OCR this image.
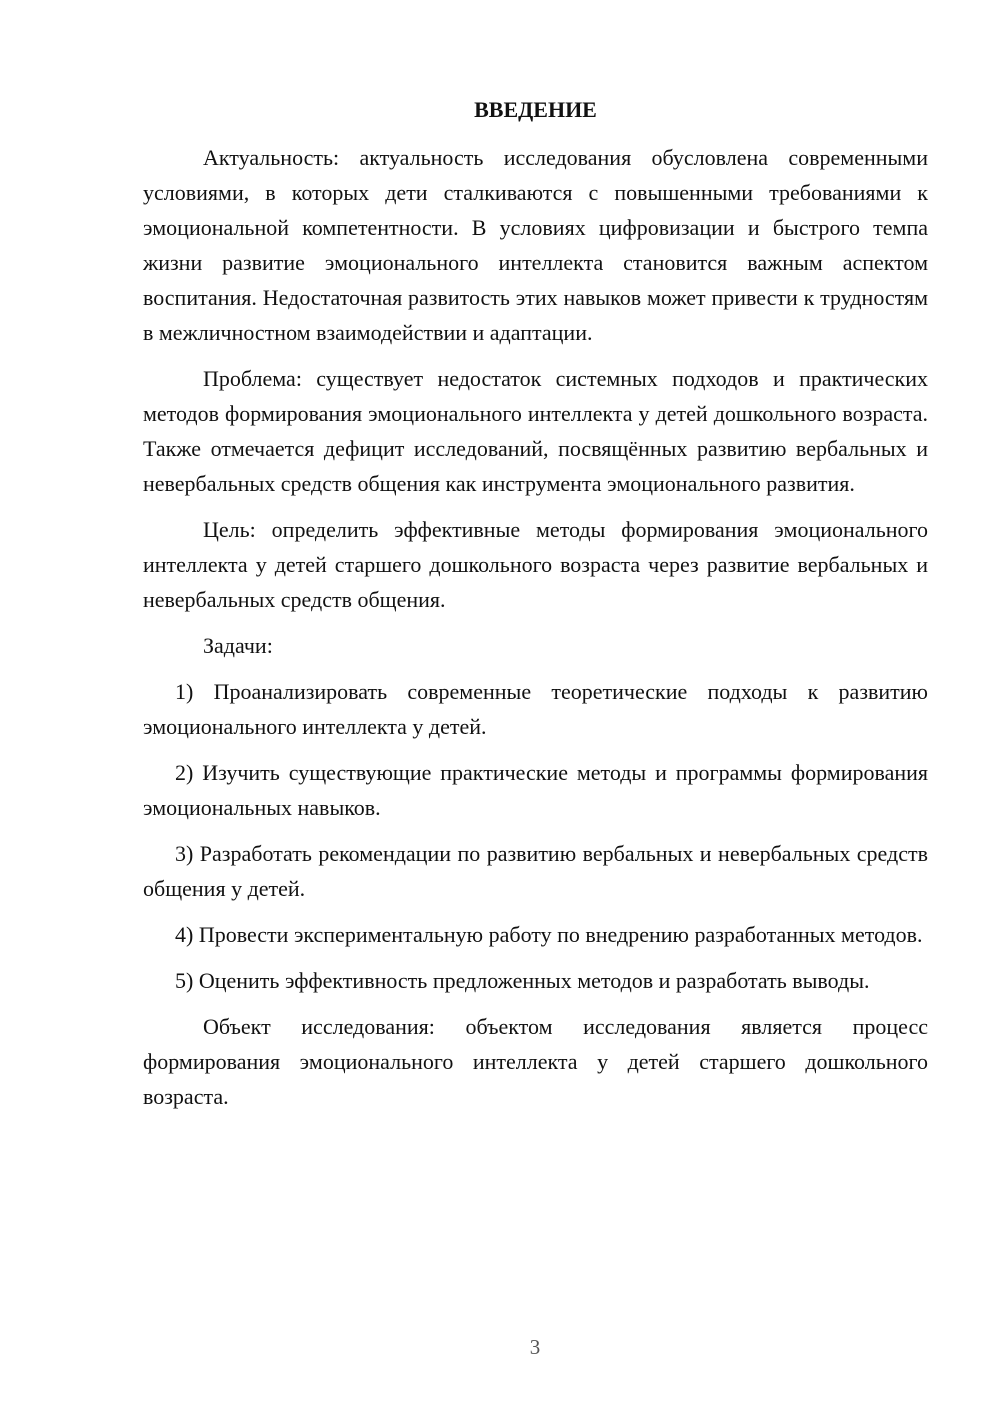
ВВЕДЕНИЕ

Актуальность: актуальность исследования обусловлена современными условиями, в которых дети сталкиваются с повышенными требованиями к эмоциональной компетентности. В условиях цифровизации и быстрого темпа жизни развитие эмоционального интеллекта становится важным аспектом воспитания. Недостаточная развитость этих навыков может привести к трудностям в межличностном взаимодействии и адаптации.

Проблема: существует недостаток системных подходов и практических методов формирования эмоционального интеллекта у детей дошкольного возраста. Также отмечается дефицит исследований, посвящённых развитию вербальных и невербальных средств общения как инструмента эмоционального развития.

Цель: определить эффективные методы формирования эмоционального интеллекта у детей старшего дошкольного возраста через развитие вербальных и невербальных средств общения.

Задачи:

1) Проанализировать современные теоретические подходы к развитию эмоционального интеллекта у детей.

2) Изучить существующие практические методы и программы формирования эмоциональных навыков.

3) Разработать рекомендации по развитию вербальных и невербальных средств общения у детей.

4) Провести экспериментальную работу по внедрению разработанных методов.

5) Оценить эффективность предложенных методов и разработать выводы.

Объект исследования: объектом исследования является процесс формирования эмоционального интеллекта у детей старшего дошкольного возраста.

3
